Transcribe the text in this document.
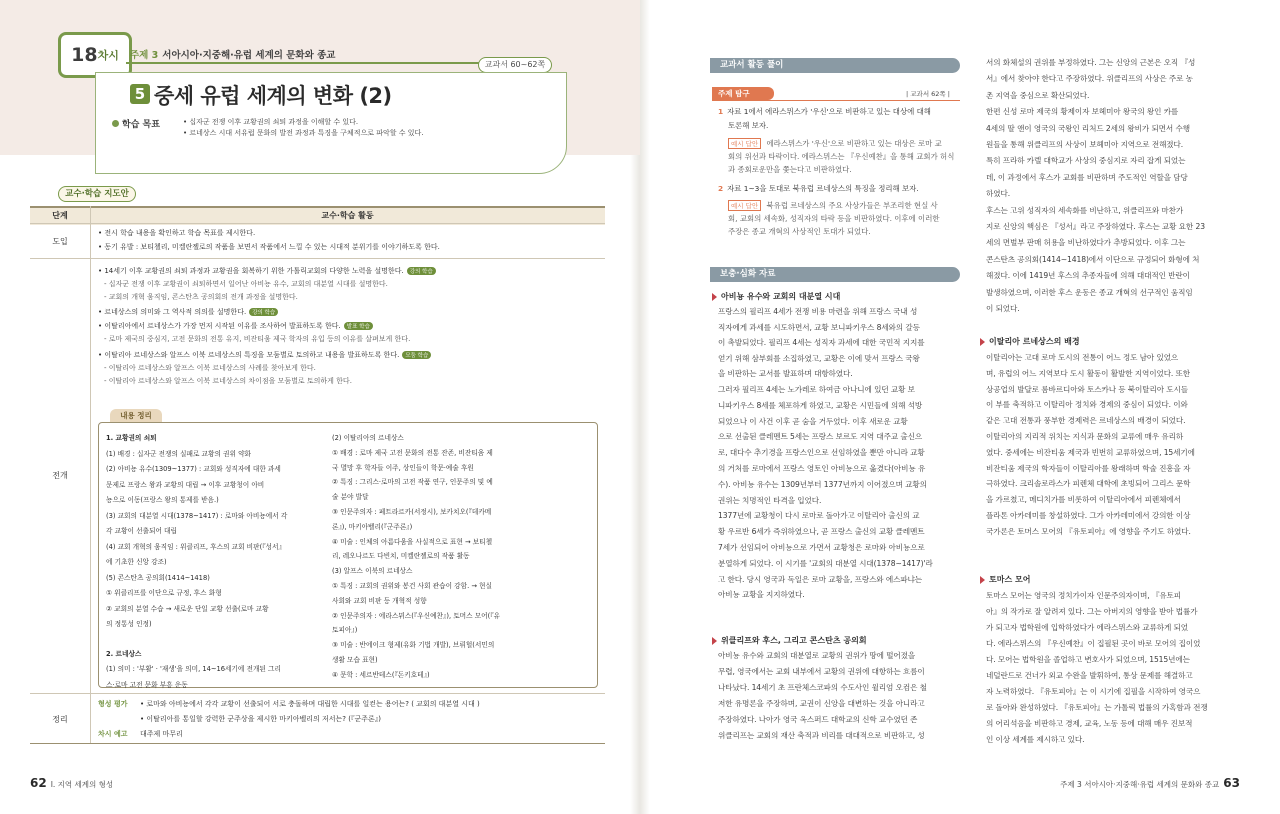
18 차시 주제 3 서아시아·지중해·유럽 세계의 문화와 종교
교과서 60~62쪽
5 중세 유럽 세계의 변화 (2)
학습 목표	• 십자군 전쟁 이후 교황권의 쇠퇴 과정을 이해할 수 있다.
• 르네상스 시대 서유럽 문화의 발전 과정과 특징을 구체적으로 파악할 수 있다.
교수·학습 지도안
단계	교수·학습 활동
도입
• 전시 학습 내용을 확인하고 학습 목표를 제시한다.
• 동기 유발 : 보티첼리, 미켈란젤로의 작품을 보면서 작품에서 느낄 수 있는 시대적 분위기를 이야기하도록 한다.
전개
• 14세기 이후 교황권의 쇠퇴 과정과 교황권을 회복하기 위한 가톨릭교회의 다양한 노력을 설명한다. 강의 학습
- 십자군 전쟁 이후 교황권이 쇠퇴하면서 일어난 아비뇽 유수, 교회의 대분열 시대를 설명한다.
- 교회의 개혁 움직임, 콘스탄츠 공의회의 전개 과정을 설명한다.
• 르네상스의 의미와 그 역사적 의의를 설명한다. 강의 학습
• 이탈리아에서 르네상스가 가장 먼저 시작된 이유를 조사하여 발표하도록 한다. 발표 학습
- 로마 제국의 중심지, 고전 문화의 전통 유지, 비잔티움 제국 학자의 유입 등의 이유를 살펴보게 한다.
• 이탈리아 르네상스와 알프스 이북 르네상스의 특징을 모둠별로 토의하고 내용을 발표하도록 한다. 모둠 학습
- 이탈리아 르네상스와 알프스 이북 르네상스의 사례를 찾아보게 한다.
- 이탈리아 르네상스와 알프스 이북 르네상스의 차이점을 모둠별로 토의하게 한다.
내용 정리
1. 교황권의 쇠퇴
(1) 배경 : 십자군 전쟁의 실패로 교황의 권위 약화
(2) 아비뇽 유수(1309~1377) : 교회와 성직자에 대한 과세
문제로 프랑스 왕과 교황의 대립 → 이후 교황청이 아비
뇽으로 이동(프랑스 왕의 통제를 받음.)
(3) 교회의 대분열 시대(1378~1417) : 로마와 아비뇽에서 각
각 교황이 선출되어 대립
(4) 교회 개혁의 움직임 : 위클리프, 후스의 교회 비판(『성서』
에 기초한 신앙 강조)
(5) 콘스탄츠 공의회(1414~1418)
① 위클리프를 이단으로 규정, 후스 화형
② 교회의 분열 수습 → 새로운 단일 교황 선출(로마 교황
의 정통성 인정)
2. 르네상스
(1) 의미 : '부활' · '재생'을 의미, 14~16세기에 전개된 그리
스·로마 고전 문화 부흥 운동
(2) 이탈리아의 르네상스
① 배경 : 로마 제국 고전 문화의 전통 잔존, 비잔티움 제
국 멸망 후 학자들 이주, 상인들이 학문·예술 후원
② 특징 : 그리스·로마의 고전 작품 연구, 인문주의 및 예
술 분야 발달
③ 인문주의자 : 페트라르카(서정시), 보카치오(『데카메
론』), 마키아벨리(『군주론』)
④ 미술 : 인체의 아름다움을 사실적으로 표현 → 보티첼
리, 레오나르도 다빈치, 미켈란젤로의 작품 활동
(3) 알프스 이북의 르네상스
① 특징 : 교회의 권위와 봉건 사회 관습이 강함. → 현실
사회와 교회 비판 등 개혁적 성향
② 인문주의자 : 에라스뮈스(『우신예찬』), 토머스 모어(『유
토피아』)
③ 미술 : 반에이크 형제(유화 기법 개발), 브뤼헐(서민의
생활 모습 표현)
④ 문학 : 세르반테스(『돈키호테』)
정리
형성 평가 • 로마와 아비뇽에서 각각 교황이 선출되어 서로 충돌하며 대립한 시대를 일컫는 용어는? ( 교회의 대분열 시대 )
• 이탈리아를 통일할 강력한 군주상을 제시한 마키아벨리의 저서는? (『군주론』)
차시 예고 대주제 마무리
62 Ⅰ. 지역 세계의 형성	주제 3 서아시아·지중해·유럽 세계의 문화와 종교 63
교과서 활동 풀이
주제 탐구	| 교과서 62쪽 |
1 자료 1에서 에라스뮈스가 '우신'으로 비판하고 있는 대상에 대해
토론해 보자.
예시 답안 에라스뮈스가 '우신'으로 비판하고 있는 대상은 로마 교
회의 위선과 타락이다. 에라스뮈스는 『우신예찬』을 통해 교회가 허식
과 종회로운만을 쫓는다고 비판하였다.
2 자료 1~3을 토대로 북유럽 르네상스의 특징을 정리해 보자.
예시 답안 북유럽 르네상스의 주요 사상가들은 부조리한 현실 사
회, 교회의 세속화, 성직자의 타락 등을 비판하였다. 이후에 이러한
주장은 종교 개혁의 사상적인 토대가 되었다.
보충·심화 자료
아비뇽 유수와 교회의 대분열 시대
프랑스의 필리프 4세가 전쟁 비용 마련을 위해 프랑스 국내 성
직자에게 과세를 시도하면서, 교황 보니파키우스 8세와의 갈등
이 촉발되었다. 필리프 4세는 성직자 과세에 대한 국민적 지지를
얻기 위해 삼부회를 소집하였고, 교황은 이에 맞서 프랑스 국왕
을 비판하는 교서를 발표하며 대항하였다.
그러자 필리프 4세는 노가레로 하여금 아나니에 있던 교황 보
니파키우스 8세를 체포하게 하였고, 교황은 시민들에 의해 석방
되었으나 이 사건 이후 곧 숨을 거두었다. 이후 새로운 교황
으로 선출된 클레멘트 5세는 프랑스 보르도 지역 대주교 출신으
로, 대다수 추기경을 프랑스인으로 선임하였을 뿐만 아니라 교황
의 거처를 로마에서 프랑스 영토인 아비뇽으로 옮겼다(아비뇽 유
수). 아비뇽 유수는 1309년부터 1377년까지 이어졌으며 교황의
권위는 치명적인 타격을 입었다.
1377년에 교황청이 다시 로마로 돌아가고 이탈리아 출신의 교
황 우르반 6세가 즉위하였으나, 곧 프랑스 출신의 교황 클레멘트
7세가 선임되어 아비뇽으로 가면서 교황청은 로마와 아비뇽으로
분열하게 되었다. 이 시기를 '교회의 대분열 시대(1378~1417)'라
고 한다. 당시 영국과 독일은 로마 교황을, 프랑스와 에스파냐는
아비뇽 교황을 지지하였다.
위클리프와 후스, 그리고 콘스탄츠 공의회
아비뇽 유수와 교회의 대분열로 교황의 권위가 땅에 떨어졌을
무렵, 영국에서는 교회 내부에서 교황의 권위에 대항하는 흐름이
나타났다. 14세기 초 프란체스코파의 수도사인 윌리엄 오컴은 철
저한 유명론을 주장하며, 교권이 신앙을 대변하는 것을 아니라고
주장하였다. 나아가 영국 옥스퍼드 대학교의 신학 교수였던 존
위클리프는 교회의 재산 축적과 비리를 대대적으로 비판하고, 성
서의 화체설의 권위를 부정하였다. 그는 신앙의 근본은 오직 『성
서』에서 찾아야 한다고 주장하였다. 위클리프의 사상은 주로 농
촌 지역을 중심으로 확산되었다.
한편 신성 로마 제국의 황제이자 보헤미아 왕국의 왕인 카를
4세의 딸 앤이 영국의 국왕인 리처드 2세의 왕비가 되면서 수행
원들을 통해 위클리프의 사상이 보헤미아 지역으로 전해졌다.
특히 프라하 카렐 대학교가 사상의 중심지로 자리 잡게 되었는
데, 이 과정에서 후스가 교회를 비판하며 주도적인 역할을 담당
하였다.
후스는 고위 성직자의 세속화를 비난하고, 위클리프와 마찬가
지로 신앙의 핵심은 『성서』라고 주장하였다. 후스는 교황 요한 23
세의 면벌부 판매 허용을 비난하였다가 추방되었다. 이후 그는
콘스탄츠 공의회(1414~1418)에서 이단으로 규정되어 화형에 처
해졌다. 이에 1419년 후스의 추종자들에 의해 대대적인 반란이
발생하였으며, 이러한 후스 운동은 종교 개혁의 선구적인 움직임
이 되었다.
이탈리아 르네상스의 배경
이탈리아는 고대 로마 도시의 전통이 어느 정도 남아 있었으
며, 유럽의 어느 지역보다 도시 활동이 활발한 지역이었다. 또한
상공업의 발달로 롬바르디아와 토스카나 등 북이탈리아 도시들
이 부를 축적하고 이탈리아 정치와 경제의 중심이 되었다. 이와
같은 고대 전통과 풍부한 경제력은 르네상스의 배경이 되었다.
이탈리아의 지리적 위치는 지식과 문화의 교류에 매우 유리하
였다. 중세에는 비잔티움 제국과 빈번히 교류하였으며, 15세기에
비잔티움 제국의 학자들이 이탈리아를 왕래하며 학술 진흥을 자
극하였다. 크리솔로라스가 피렌체 대학에 초빙되어 그리스 문학
을 가르쳤고, 메디치가를 비롯하여 이탈리아에서 피렌체에서
플라톤 아카데미를 창설하였다. 그가 아카데미에서 강의한 이상
국가론은 토머스 모어의 『유토피아』에 영향을 주기도 하였다.
토마스 모어
토마스 모어는 영국의 정치가이자 인문주의자이며, 『유토피
아』의 작가로 잘 알려져 있다. 그는 아버지의 영향을 받아 법률가
가 되고자 법학원에 입학하였다가 에라스뮈스와 교류하게 되었
다. 에라스뮈스의 『우신예찬』이 집필된 곳이 바로 모어의 집이었
다. 모어는 법학원을 졸업하고 변호사가 되었으며, 1515년에는
네덜란드로 건너가 외교 수완을 발휘하여, 통상 문제를 해결하고
자 노력하였다. 『유토피아』는 이 시기에 집필을 시작하여 영국으
로 돌아와 완성하였다. 『유토피아』는 가톨릭 법률의 가혹함과 전쟁
의 어리석음을 비판하고 경제, 교육, 노동 등에 대해 매우 진보적
인 이상 세계를 제시하고 있다.
